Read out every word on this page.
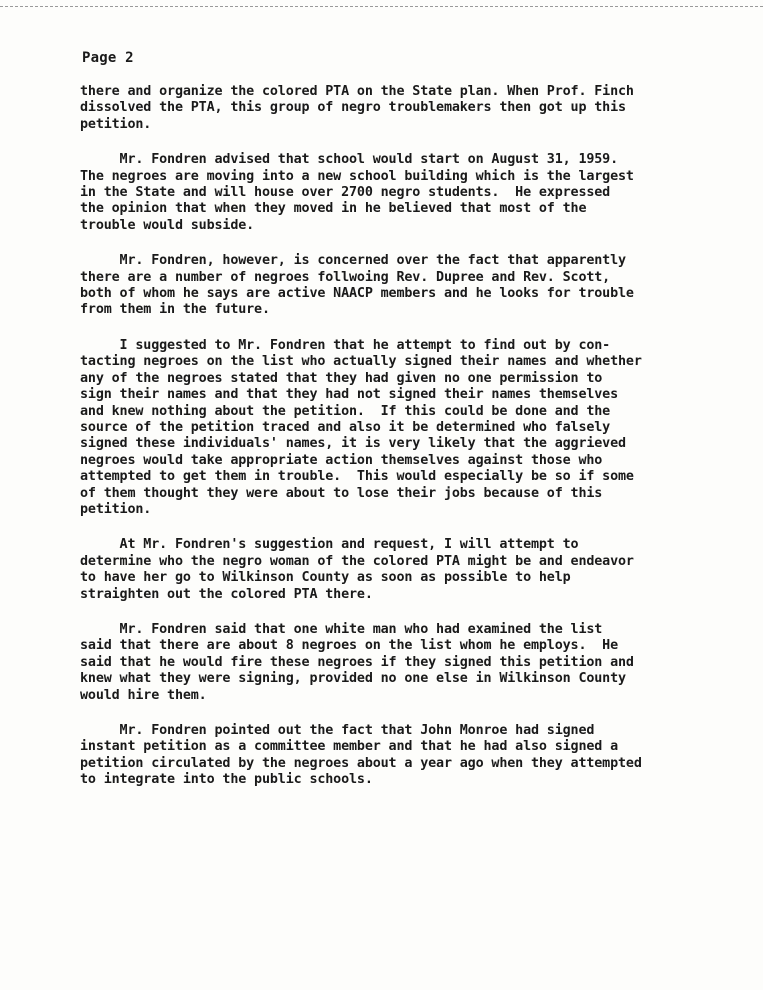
Page 2
there and organize the colored PTA on the State plan. When Prof. Finch
dissolved the PTA, this group of negro troublemakers then got up this
petition.
Mr. Fondren advised that school would start on August 31, 1959.
The negroes are moving into a new school building which is the largest
in the State and will house over 2700 negro students.  He expressed
the opinion that when they moved in he believed that most of the
trouble would subside.
Mr. Fondren, however, is concerned over the fact that apparently
there are a number of negroes follwoing Rev. Dupree and Rev. Scott,
both of whom he says are active NAACP members and he looks for trouble
from them in the future.
I suggested to Mr. Fondren that he attempt to find out by con-
tacting negroes on the list who actually signed their names and whether
any of the negroes stated that they had given no one permission to
sign their names and that they had not signed their names themselves
and knew nothing about the petition.  If this could be done and the
source of the petition traced and also it be determined who falsely
signed these individuals' names, it is very likely that the aggrieved
negroes would take appropriate action themselves against those who
attempted to get them in trouble.  This would especially be so if some
of them thought they were about to lose their jobs because of this
petition.
At Mr. Fondren's suggestion and request, I will attempt to
determine who the negro woman of the colored PTA might be and endeavor
to have her go to Wilkinson County as soon as possible to help
straighten out the colored PTA there.
Mr. Fondren said that one white man who had examined the list
said that there are about 8 negroes on the list whom he employs.  He
said that he would fire these negroes if they signed this petition and
knew what they were signing, provided no one else in Wilkinson County
would hire them.
Mr. Fondren pointed out the fact that John Monroe had signed
instant petition as a committee member and that he had also signed a
petition circulated by the negroes about a year ago when they attempted
to integrate into the public schools.
